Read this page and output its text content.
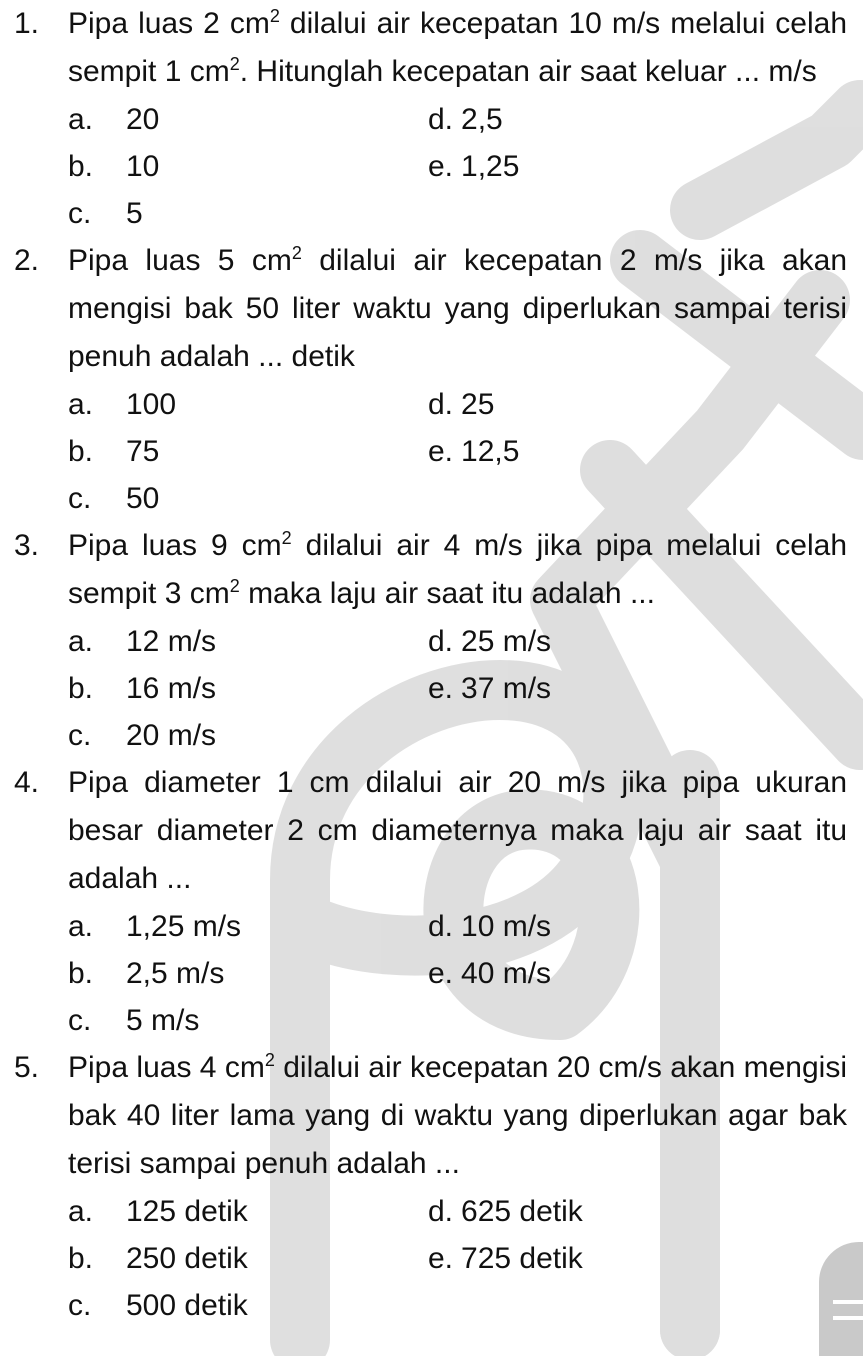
1. Pipa luas 2 $cm^2$ dilalui air kecepatan 10 m/s melalui celah sempit 1 $cm^2$. Hitunglah kecepatan air saat keluar ... m/s
a. 20	d. 2,5
b. 10	e. 1,25
c. 5
2. Pipa luas 5 $cm^2$ dilalui air kecepatan 2 m/s jika akan mengisi bak 50 liter waktu yang diperlukan sampai terisi penuh adalah ... detik
a. 100	d. 25
b. 75	e. 12,5
c. 50
3. Pipa luas 9 $cm^2$ dilalui air 4 m/s jika pipa melalui celah sempit 3 $cm^2$ maka laju air saat itu adalah ...
a. 12 m/s	d. 25 m/s
b. 16 m/s	e. 37 m/s
c. 20 m/s
4. Pipa diameter 1 cm dilalui air 20 m/s jika pipa ukuran besar diameter 2 cm diameternya maka laju air saat itu adalah ...
a. 1,25 m/s	d. 10 m/s
b. 2,5 m/s	e. 40 m/s
c. 5 m/s
5. Pipa luas 4 $cm^2$ dilalui air kecepatan 20 cm/s akan mengisi bak 40 liter lama yang di waktu yang diperlukan agar bak terisi sampai penuh adalah ...
a. 125 detik	d. 625 detik
b. 250 detik	e. 725 detik
c. 500 detik
